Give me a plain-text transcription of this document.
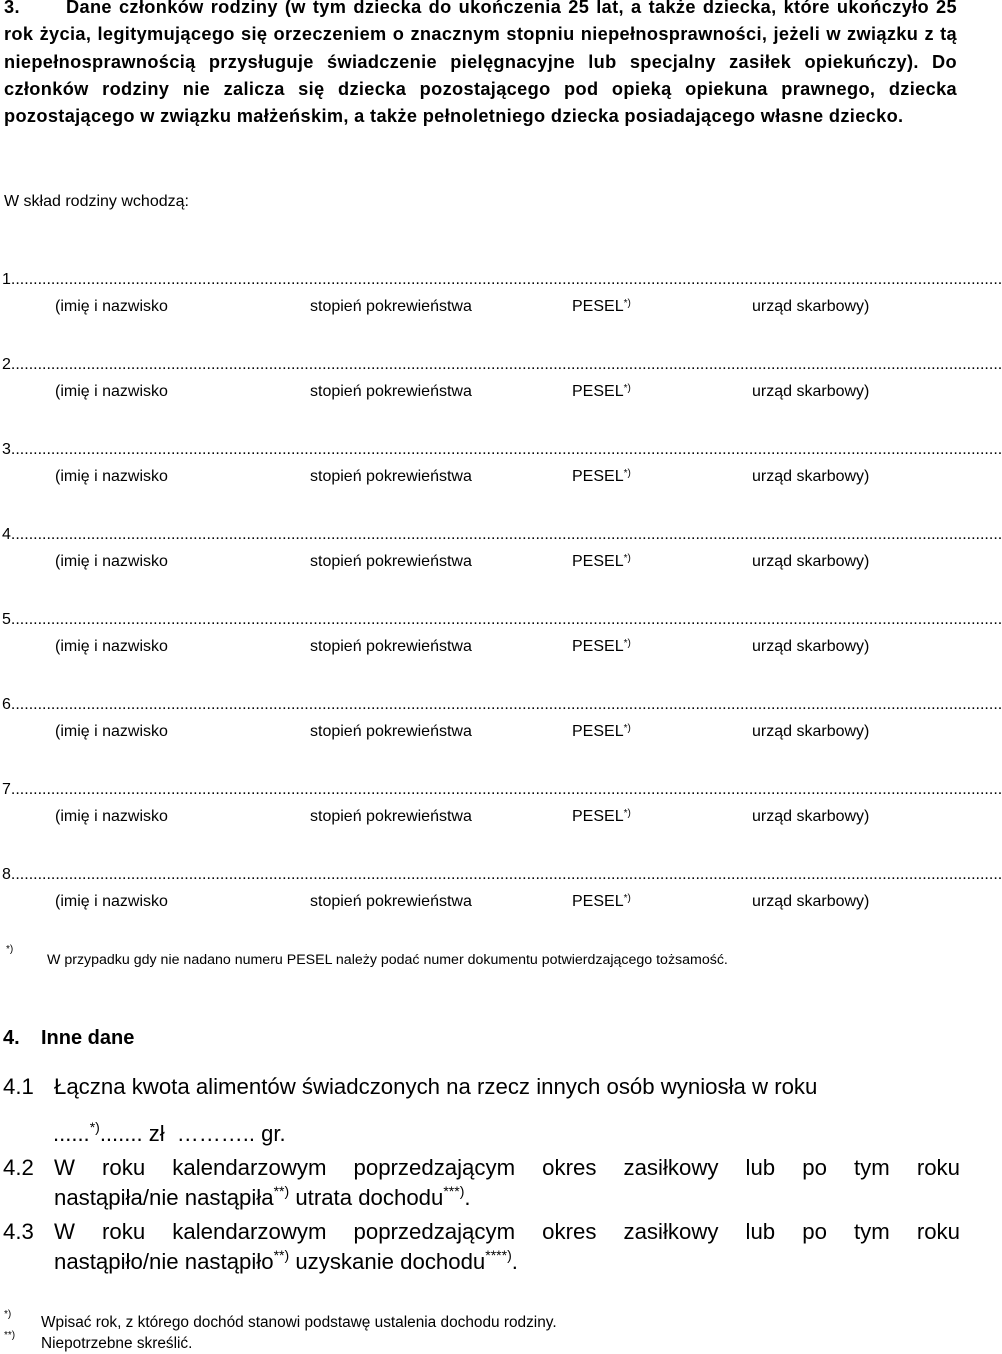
3.	Dane członków rodziny (w tym dziecka do ukończenia 25 lat, a także dziecka, które ukończyło 25 rok życia, legitymującego się orzeczeniem o znacznym stopniu niepełnosprawności, jeżeli w związku z tą niepełnosprawnością przysługuje świadczenie pielęgnacyjne lub specjalny zasiłek opiekuńczy). Do członków rodziny nie zalicza się dziecka pozostającego pod opieką opiekuna prawnego, dziecka pozostającego w związku małżeńskim, a także pełnoletniego dziecka posiadającego własne dziecko.
W skład rodziny wchodzą:
1...............................................................................................................................................................................................................................
(imię i nazwisko	stopień pokrewieństwa	PESEL*)	urząd skarbowy)
2...............................................................................................................................................................................................................................
(imię i nazwisko	stopień pokrewieństwa	PESEL*)	urząd skarbowy)
3...............................................................................................................................................................................................................................
(imię i nazwisko	stopień pokrewieństwa	PESEL*)	urząd skarbowy)
4...............................................................................................................................................................................................................................
(imię i nazwisko	stopień pokrewieństwa	PESEL*)	urząd skarbowy)
5...............................................................................................................................................................................................................................
(imię i nazwisko	stopień pokrewieństwa	PESEL*)	urząd skarbowy)
6...............................................................................................................................................................................................................................
(imię i nazwisko	stopień pokrewieństwa	PESEL*)	urząd skarbowy)
7...............................................................................................................................................................................................................................
(imię i nazwisko	stopień pokrewieństwa	PESEL*)	urząd skarbowy)
8...............................................................................................................................................................................................................................
(imię i nazwisko	stopień pokrewieństwa	PESEL*)	urząd skarbowy)
*)
W przypadku gdy nie nadano numeru PESEL należy podać numer dokumentu potwierdzającego tożsamość.
4. Inne dane
4.1 Łączna kwota alimentów świadczonych na rzecz innych osób wyniosła w roku
......*)....... zł ……….. gr.
4.2 W roku kalendarzowym poprzedzającym okres zasiłkowy lub po tym roku
nastąpiła/nie nastąpiła**) utrata dochodu***).
4.3 W roku kalendarzowym poprzedzającym okres zasiłkowy lub po tym roku
nastąpiło/nie nastąpiło**) uzyskanie dochodu****).
*) Wpisać rok, z którego dochód stanowi podstawę ustalenia dochodu rodziny.
**) Niepotrzebne skreślić.
